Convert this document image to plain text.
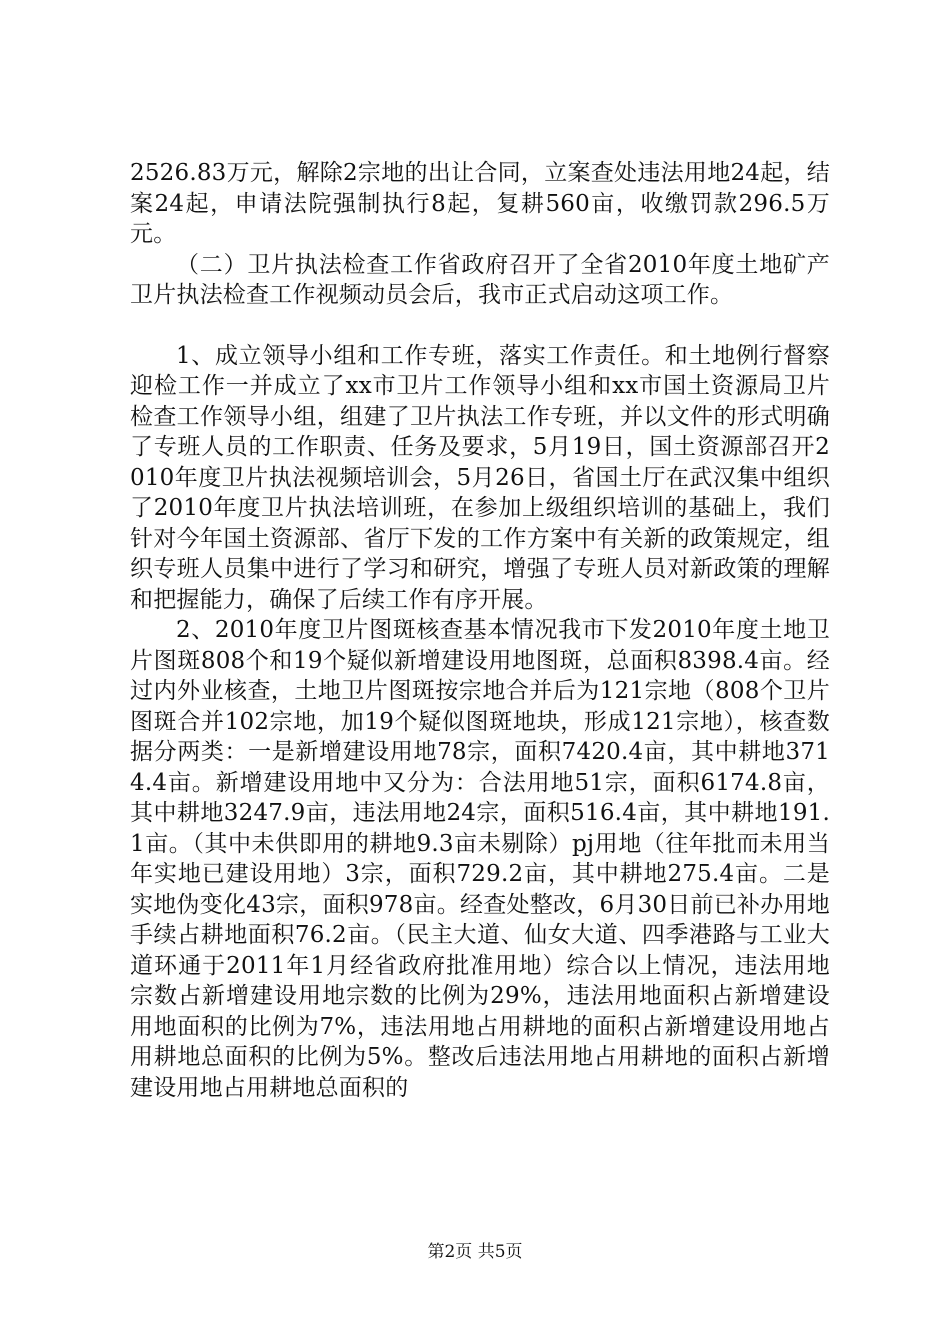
2526.83万元，解除2宗地的出让合同，立案查处违法用地24起，结案24起，申请法院强制执行8起，复耕560亩，收缴罚款296.5万元。

（二）卫片执法检查工作省政府召开了全省2010年度土地矿产卫片执法检查工作视频动员会后，我市正式启动这项工作。

1、成立领导小组和工作专班，落实工作责任。和土地例行督察迎检工作一并成立了xx市卫片工作领导小组和xx市国土资源局卫片检查工作领导小组，组建了卫片执法工作专班，并以文件的形式明确了专班人员的工作职责、任务及要求，5月19日，国土资源部召开2010年度卫片执法视频培训会，5月26日，省国土厅在武汉集中组织了2010年度卫片执法培训班，在参加上级组织培训的基础上，我们针对今年国土资源部、省厅下发的工作方案中有关新的政策规定，组织专班人员集中进行了学习和研究，增强了专班人员对新政策的理解和把握能力，确保了后续工作有序开展。

2、2010年度卫片图斑核查基本情况我市下发2010年度土地卫片图斑808个和19个疑似新增建设用地图斑，总面积8398.4亩。经过内外业核查，土地卫片图斑按宗地合并后为121宗地（808个卫片图斑合并102宗地，加19个疑似图斑地块，形成121宗地），核查数据分两类：一是新增建设用地78宗，面积7420.4亩，其中耕地3714.4亩。新增建设用地中又分为：合法用地51宗，面积6174.8亩，其中耕地3247.9亩，违法用地24宗，面积516.4亩，其中耕地191.1亩。（其中未供即用的耕地9.3亩未剔除）pj用地（往年批而未用当年实地已建设用地）3宗，面积729.2亩，其中耕地275.4亩。二是实地伪变化43宗，面积978亩。经查处整改，6月30日前已补办用地手续占耕地面积76.2亩。（民主大道、仙女大道、四季港路与工业大道环通于2011年1月经省政府批准用地）综合以上情况，违法用地宗数占新增建设用地宗数的比例为29%，违法用地面积占新增建设用地面积的比例为7%，违法用地占用耕地的面积占新增建设用地占用耕地总面积的比例为5%。整改后违法用地占用耕地的面积占新增建设用地占用耕地总面积的

第2页 共5页
